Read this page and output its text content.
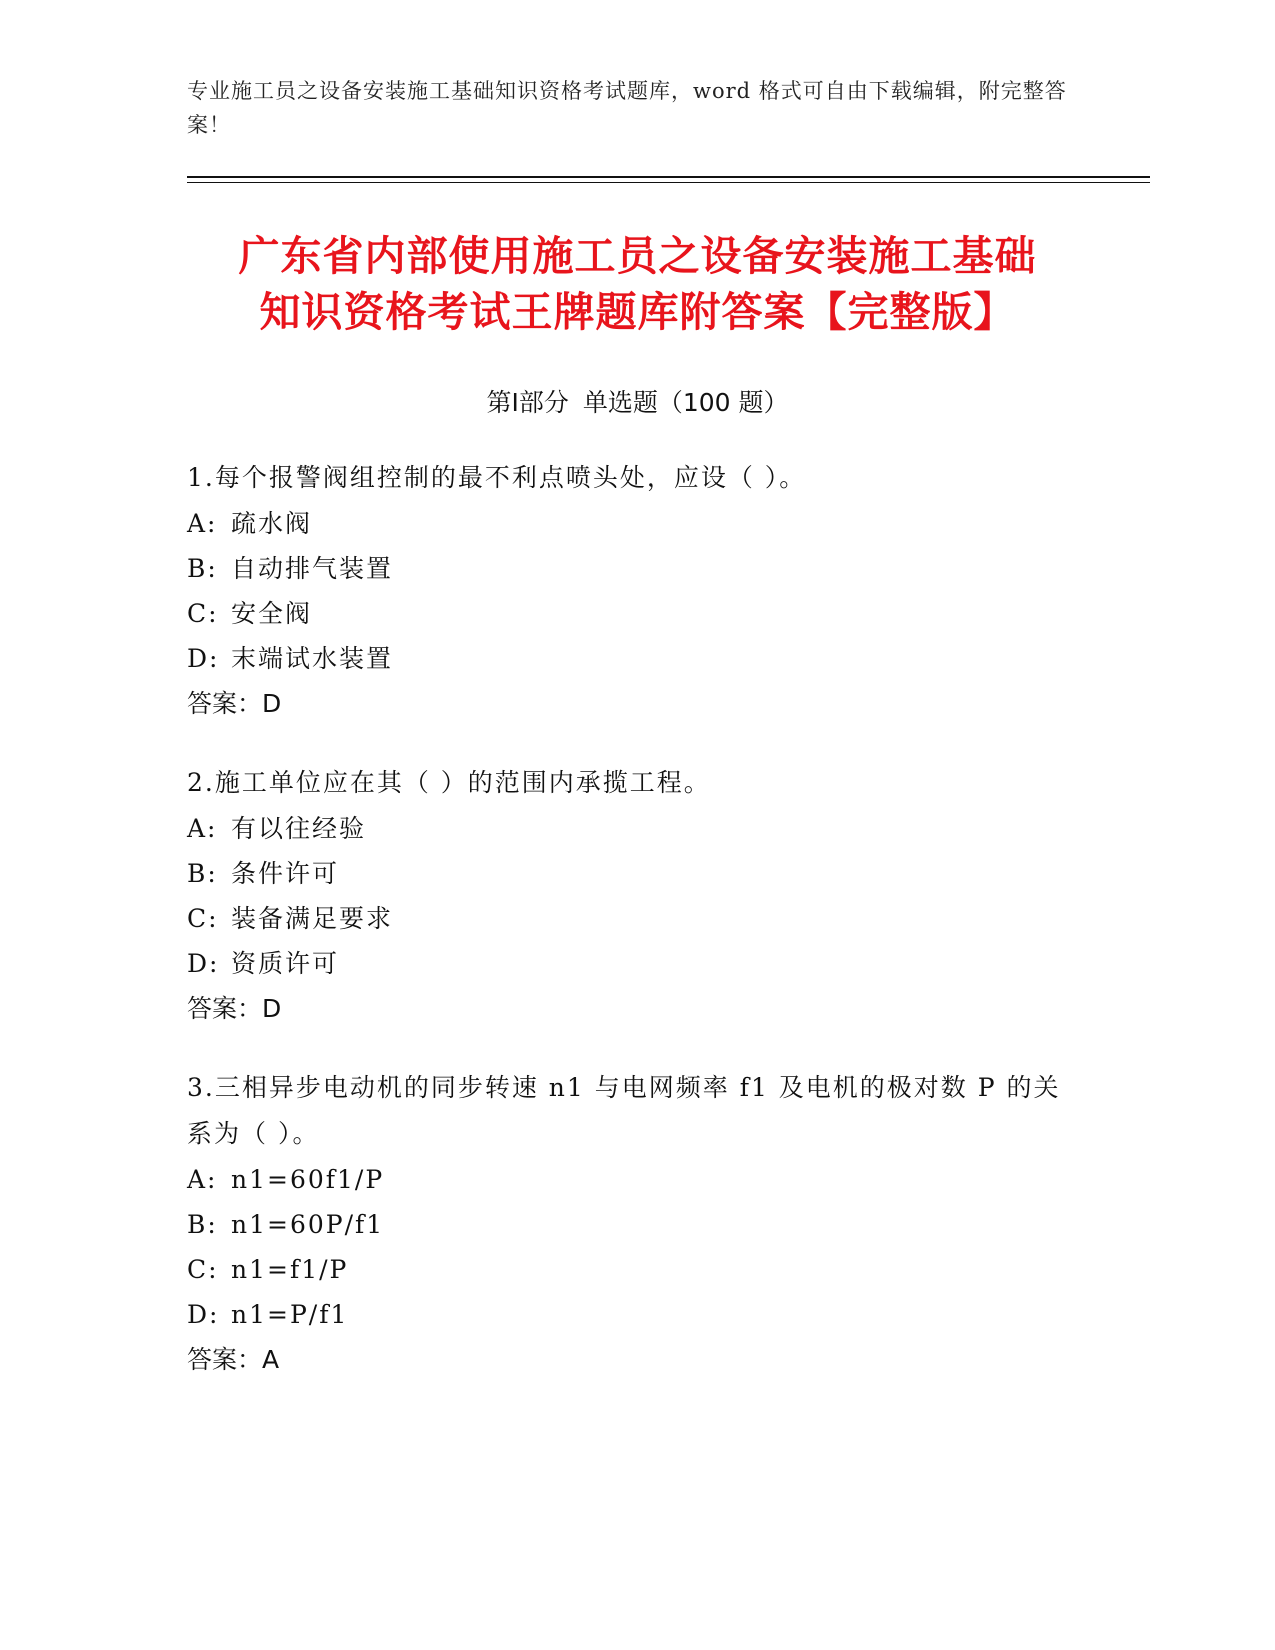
专业施工员之设备安装施工基础知识资格考试题库，word 格式可自由下载编辑，附完整答案！
广东省内部使用施工员之设备安装施工基础
知识资格考试王牌题库附答案【完整版】
第Ⅰ部分 单选题（100 题）

1.每个报警阀组控制的最不利点喷头处，应设（ ）。

A: 疏水阀

B: 自动排气装置

C: 安全阀

D: 末端试水装置

答案：D

2.施工单位应在其（ ）的范围内承揽工程。

A: 有以往经验

B: 条件许可

C: 装备满足要求

D: 资质许可

答案：D

3.三相异步电动机的同步转速 n1 与电网频率 f1 及电机的极对数 P 的关系为（ ）。

A: n1=60f1/P

B: n1=60P/f1

C: n1=f1/P

D: n1=P/f1

答案：A
